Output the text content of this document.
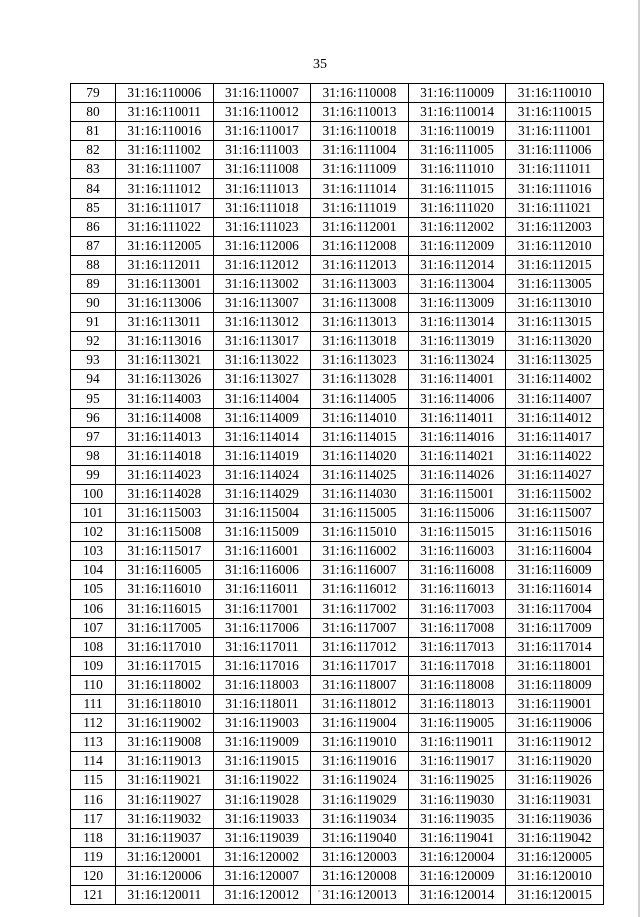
35
79	31:16:110006	31:16:110007	31:16:110008	31:16:110009	31:16:110010
80	31:16:110011	31:16:110012	31:16:110013	31:16:110014	31:16:110015
81	31:16:110016	31:16:110017	31:16:110018	31:16:110019	31:16:111001
82	31:16:111002	31:16:111003	31:16:111004	31:16:111005	31:16:111006
83	31:16:111007	31:16:111008	31:16:111009	31:16:111010	31:16:111011
84	31:16:111012	31:16:111013	31:16:111014	31:16:111015	31:16:111016
85	31:16:111017	31:16:111018	31:16:111019	31:16:111020	31:16:111021
86	31:16:111022	31:16:111023	31:16:112001	31:16:112002	31:16:112003
87	31:16:112005	31:16:112006	31:16:112008	31:16:112009	31:16:112010
88	31:16:112011	31:16:112012	31:16:112013	31:16:112014	31:16:112015
89	31:16:113001	31:16:113002	31:16:113003	31:16:113004	31:16:113005
90	31:16:113006	31:16:113007	31:16:113008	31:16:113009	31:16:113010
91	31:16:113011	31:16:113012	31:16:113013	31:16:113014	31:16:113015
92	31:16:113016	31:16:113017	31:16:113018	31:16:113019	31:16:113020
93	31:16:113021	31:16:113022	31:16:113023	31:16:113024	31:16:113025
94	31:16:113026	31:16:113027	31:16:113028	31:16:114001	31:16:114002
95	31:16:114003	31:16:114004	31:16:114005	31:16:114006	31:16:114007
96	31:16:114008	31:16:114009	31:16:114010	31:16:114011	31:16:114012
97	31:16:114013	31:16:114014	31:16:114015	31:16:114016	31:16:114017
98	31:16:114018	31:16:114019	31:16:114020	31:16:114021	31:16:114022
99	31:16:114023	31:16:114024	31:16:114025	31:16:114026	31:16:114027
100	31:16:114028	31:16:114029	31:16:114030	31:16:115001	31:16:115002
101	31:16:115003	31:16:115004	31:16:115005	31:16:115006	31:16:115007
102	31:16:115008	31:16:115009	31:16:115010	31:16:115015	31:16:115016
103	31:16:115017	31:16:116001	31:16:116002	31:16:116003	31:16:116004
104	31:16:116005	31:16:116006	31:16:116007	31:16:116008	31:16:116009
105	31:16:116010	31:16:116011	31:16:116012	31:16:116013	31:16:116014
106	31:16:116015	31:16:117001	31:16:117002	31:16:117003	31:16:117004
107	31:16:117005	31:16:117006	31:16:117007	31:16:117008	31:16:117009
108	31:16:117010	31:16:117011	31:16:117012	31:16:117013	31:16:117014
109	31:16:117015	31:16:117016	31:16:117017	31:16:117018	31:16:118001
110	31:16:118002	31:16:118003	31:16:118007	31:16:118008	31:16:118009
111	31:16:118010	31:16:118011	31:16:118012	31:16:118013	31:16:119001
112	31:16:119002	31:16:119003	31:16:119004	31:16:119005	31:16:119006
113	31:16:119008	31:16:119009	31:16:119010	31:16:119011	31:16:119012
114	31:16:119013	31:16:119015	31:16:119016	31:16:119017	31:16:119020
115	31:16:119021	31:16:119022	31:16:119024	31:16:119025	31:16:119026
116	31:16:119027	31:16:119028	31:16:119029	31:16:119030	31:16:119031
117	31:16:119032	31:16:119033	31:16:119034	31:16:119035	31:16:119036
118	31:16:119037	31:16:119039	31:16:119040	31:16:119041	31:16:119042
119	31:16:120001	31:16:120002	31:16:120003	31:16:120004	31:16:120005
120	31:16:120006	31:16:120007	31:16:120008	31:16:120009	31:16:120010
121	31:16:120011	31:16:120012	31:16:120013	31:16:120014	31:16:120015
